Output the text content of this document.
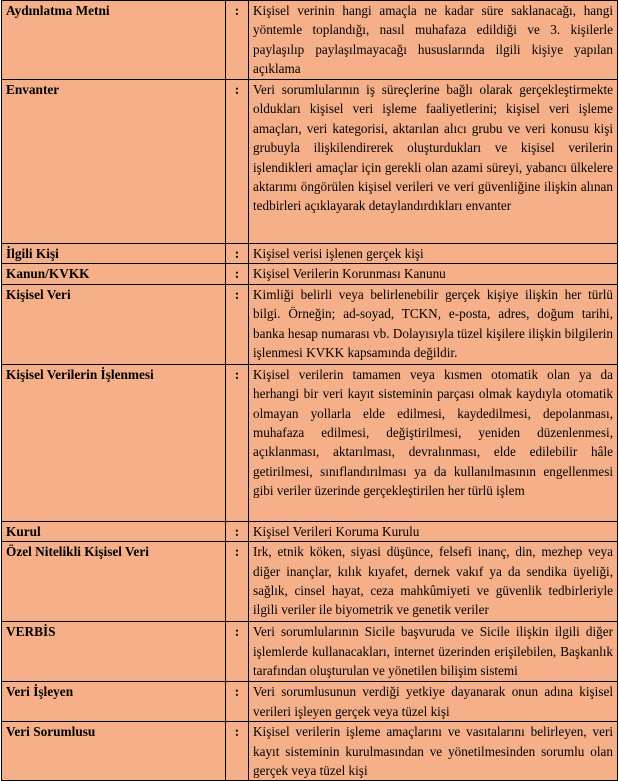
Aydınlatma Metni	:	Kişisel verinin hangi amaçla ne kadar süre saklanacağı, hangi yöntemle toplandığı, nasıl muhafaza edildiği ve 3. kişilerle paylaşılıp paylaşılmayacağı hususlarında ilgili kişiye yapılan açıklama
Envanter	:	Veri sorumlularının iş süreçlerine bağlı olarak gerçekleştirmekte oldukları kişisel veri işleme faaliyetlerini; kişisel veri işleme amaçları, veri kategorisi, aktarılan alıcı grubu ve veri konusu kişi grubuyla ilişkilendirerek oluşturdukları ve kişisel verilerin işlendikleri amaçlar için gerekli olan azami süreyi, yabancı ülkelere aktarımı öngörülen kişisel verileri ve veri güvenliğine ilişkin alınan tedbirleri açıklayarak detaylandırdıkları envanter
İlgili Kişi	:	Kişisel verisi işlenen gerçek kişi
Kanun/KVKK	:	Kişisel Verilerin Korunması Kanunu
Kişisel Veri	:	Kimliği belirli veya belirlenebilir gerçek kişiye ilişkin her türlü bilgi. Örneğin; ad-soyad, TCKN, e-posta, adres, doğum tarihi, banka hesap numarası vb. Dolayısıyla tüzel kişilere ilişkin bilgilerin işlenmesi KVKK kapsamında değildir.
Kişisel Verilerin İşlenmesi	:	Kişisel verilerin tamamen veya kısmen otomatik olan ya da herhangi bir veri kayıt sisteminin parçası olmak kaydıyla otomatik olmayan yollarla elde edilmesi, kaydedilmesi, depolanması, muhafaza edilmesi, değiştirilmesi, yeniden düzenlenmesi, açıklanması, aktarılması, devralınması, elde edilebilir hâle getirilmesi, sınıflandırılması ya da kullanılmasının engellenmesi gibi veriler üzerinde gerçekleştirilen her türlü işlem
Kurul	:	Kişisel Verileri Koruma Kurulu
Özel Nitelikli Kişisel Veri	:	Irk, etnik köken, siyasi düşünce, felsefi inanç, din, mezhep veya diğer inançlar, kılık kıyafet, dernek vakıf ya da sendika üyeliği, sağlık, cinsel hayat, ceza mahkûmiyeti ve güvenlik tedbirleriyle ilgili veriler ile biyometrik ve genetik veriler
VERBİS	:	Veri sorumlularının Sicile başvuruda ve Sicile ilişkin ilgili diğer işlemlerde kullanacakları, internet üzerinden erişilebilen, Başkanlık tarafından oluşturulan ve yönetilen bilişim sistemi
Veri İşleyen	:	Veri sorumlusunun verdiği yetkiye dayanarak onun adına kişisel verileri işleyen gerçek veya tüzel kişi
Veri Sorumlusu	:	Kişisel verilerin işleme amaçlarını ve vasıtalarını belirleyen, veri kayıt sisteminin kurulmasından ve yönetilmesinden sorumlu olan gerçek veya tüzel kişi
